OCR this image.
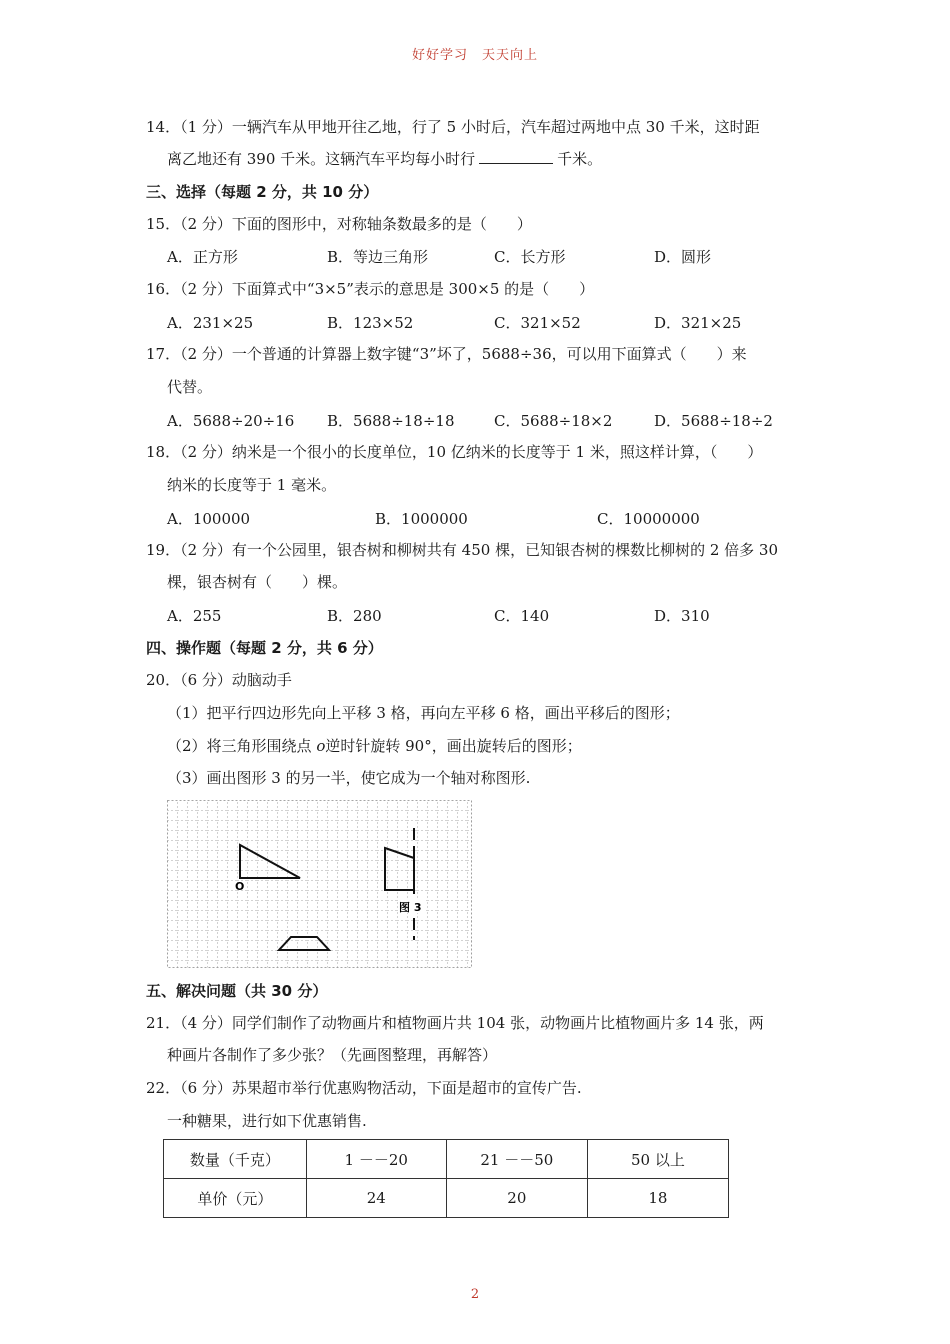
好好学习　天天向上
14．（1 分）一辆汽车从甲地开往乙地，行了 5 小时后，汽车超过两地中点 30 千米，这时距
离乙地还有 390 千米。这辆汽车平均每小时行	千米。
三、选择（每题 2 分，共 10 分）
15．（2 分）下面的图形中，对称轴条数最多的是（　　）
A．正方形	B．等边三角形	C．长方形	D．圆形
16．（2 分）下面算式中“3×5”表示的意思是 300×5 的是（　　）
A．231×25	B．123×52	C．321×52	D．321×25
17．（2 分）一个普通的计算器上数字键“3”坏了，5688÷36，可以用下面算式（　　）来
代替。
A．5688÷20÷16 B．5688÷18÷18	C．5688÷18×2	D．5688÷18÷2
18．（2 分）纳米是一个很小的长度单位，10 亿纳米的长度等于 1 米，照这样计算，（　　）
纳米的长度等于 1 毫米。
A．100000	B．1000000	C．10000000
19．（2 分）有一个公园里，银杏树和柳树共有 450 棵，已知银杏树的棵数比柳树的 2 倍多 30
棵，银杏树有（　　）棵。
A．255	B．280	C．140	D．310
四、操作题（每题 2 分，共 6 分）
20．（6 分）动脑动手
（1）把平行四边形先向上平移 3 格，再向左平移 6 格，画出平移后的图形；
（2）将三角形围绕点 o逆时针旋转 90°，画出旋转后的图形；
（3）画出图形 3 的另一半，使它成为一个轴对称图形.
O
图 3
五、解决问题（共 30 分）
21．（4 分）同学们制作了动物画片和植物画片共 104 张，动物画片比植物画片多 14 张，两
种画片各制作了多少张？（先画图整理，再解答）
22．（6 分）苏果超市举行优惠购物活动，下面是超市的宣传广告.
一种糖果，进行如下优惠销售.
数量（千克）	1 －－20	21 －－50	50 以上
单价（元）	24	20	18
2
